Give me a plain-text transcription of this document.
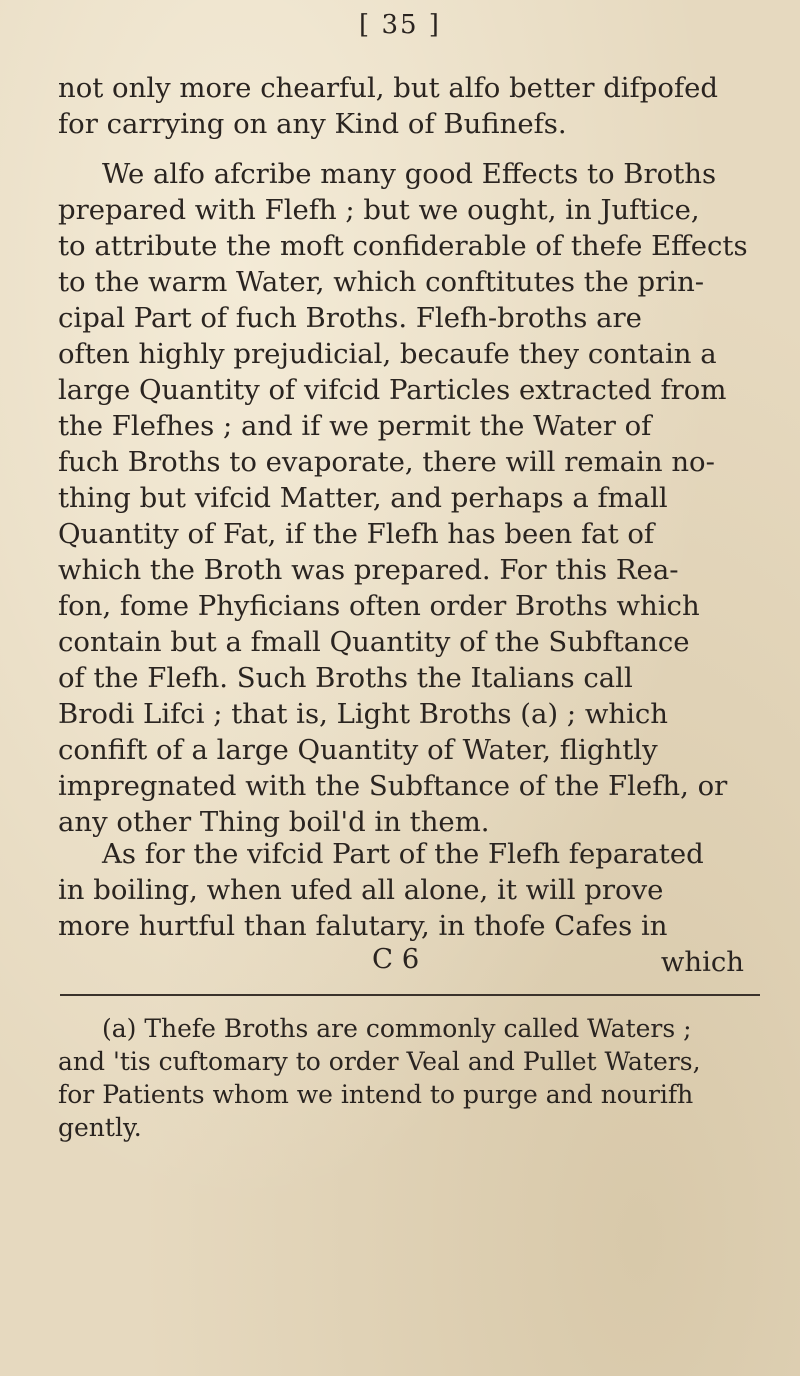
[ 35 ]
not only more chearful, but alfo better difpofed
for carrying on any Kind of Bufinefs.
We alfo afcribe many good Effects to Broths
prepared with Flefh ; but we ought, in Juftice,
to attribute the moft confiderable of thefe Effects
to the warm Water, which conftitutes the prin-
cipal Part of fuch Broths. Flefh-broths are
often highly prejudicial, becaufe they contain a
large Quantity of vifcid Particles extracted from
the Flefhes ; and if we permit the Water of
fuch Broths to evaporate, there will remain no-
thing but vifcid Matter, and perhaps a fmall
Quantity of Fat, if the Flefh has been fat of
which the Broth was prepared. For this Rea-
fon, fome Phyficians often order Broths which
contain but a fmall Quantity of the Subftance
of the Flefh. Such Broths the Italians call
Brodi Lifci ; that is, Light Broths (a) ; which
confift of a large Quantity of Water, flightly
impregnated with the Subftance of the Flefh, or
any other Thing boil'd in them.
As for the vifcid Part of the Flefh feparated
in boiling, when ufed all alone, it will prove
more hurtful than falutary, in thofe Cafes in
C 6	which
(a) Thefe Broths are commonly called Waters ;
and 'tis cuftomary to order Veal and Pullet Waters,
for Patients whom we intend to purge and nourifh
gently.
